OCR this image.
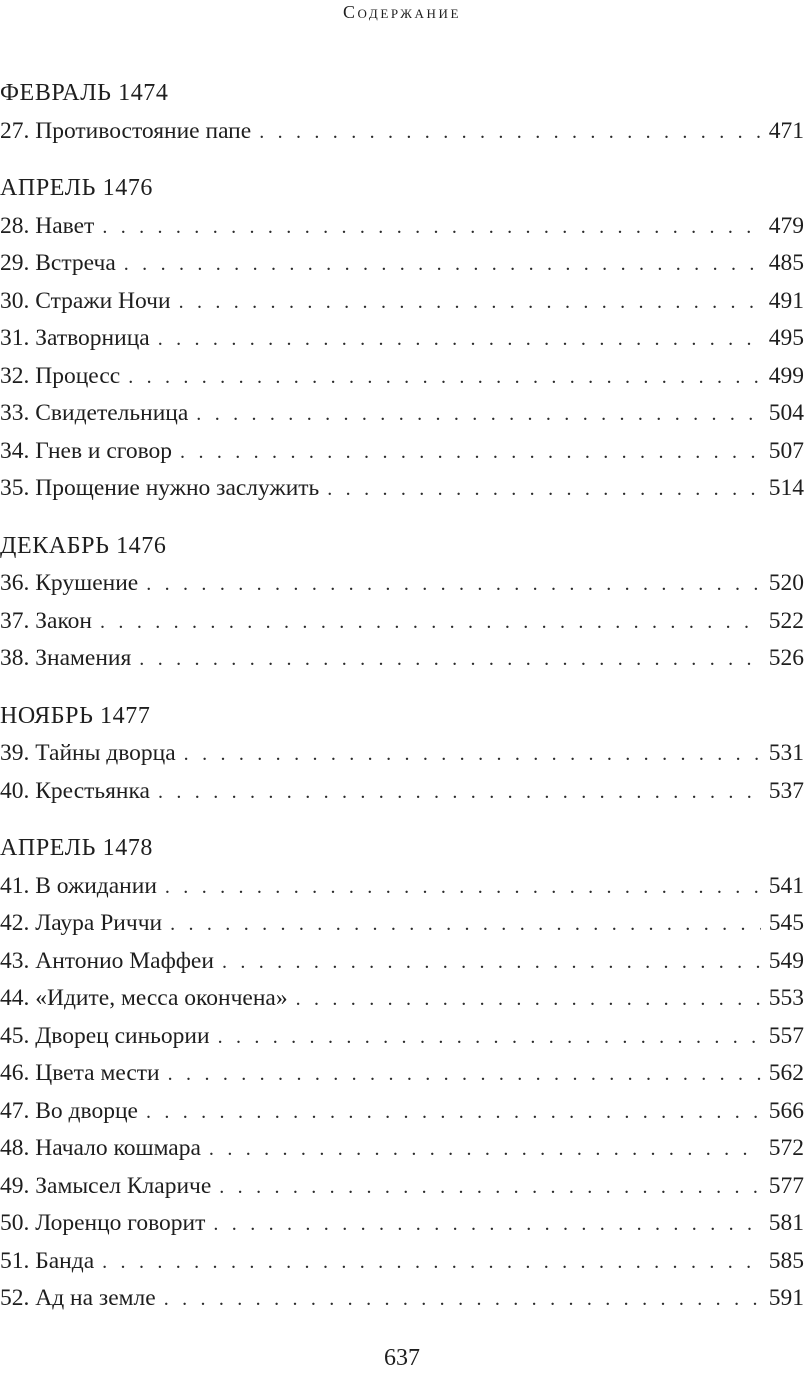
Содержание
ФЕВРАЛЬ 1474
27. Противостояние папе . . .	471
АПРЕЛЬ 1476
28. Навет . . .	479
29. Встреча . . .	485
30. Стражи Ночи . . .	491
31. Затворница . . .	495
32. Процесс . . .	499
33. Свидетельница . . .	504
34. Гнев и сговор . . .	507
35. Прощение нужно заслужить . . .	514
ДЕКАБРЬ 1476
36. Крушение . . .	520
37. Закон . . .	522
38. Знамения . . .	526
НОЯБРЬ 1477
39. Тайны дворца . . .	531
40. Крестьянка . . .	537
АПРЕЛЬ 1478
41. В ожидании . . .	541
42. Лаура Риччи . . .	545
43. Антонио Маффеи . . .	549
44. «Идите, месса окончена» . . .	553
45. Дворец синьории . . .	557
46. Цвета мести . . .	562
47. Во дворце . . .	566
48. Начало кошмара . . .	572
49. Замысел Клариче . . .	577
50. Лоренцо говорит . . .	581
51. Банда . . .	585
52. Ад на земле . . .	591
637
